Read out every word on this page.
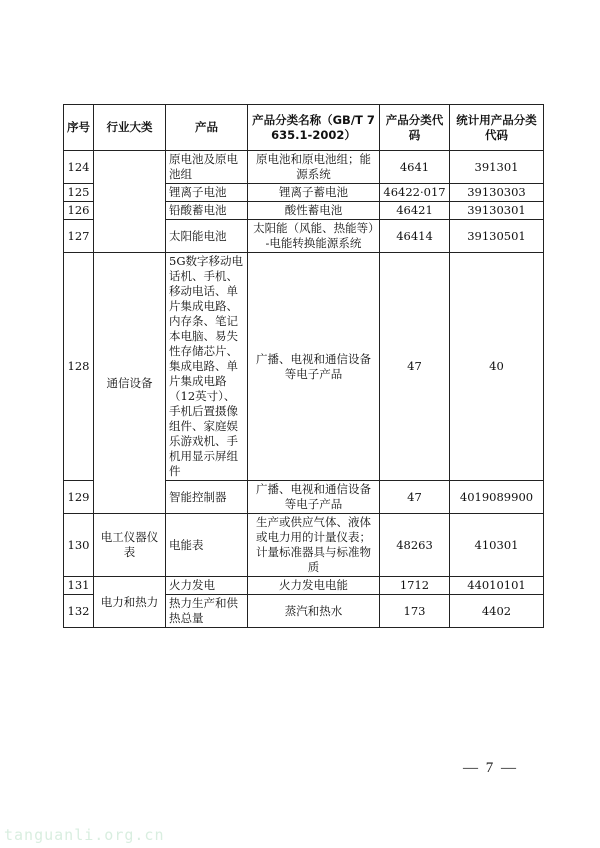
序号	行业大类	产品	产品分类名称（GB/T 7635.1-2002）	产品分类代码	统计用产品分类代码
124		原电池及原电池组	原电池和原电池组；能源系统	4641	391301
125		锂离子电池	锂离子蓄电池	46422·017	39130303
126		铅酸蓄电池	酸性蓄电池	46421	39130301
127		太阳能电池	太阳能（风能、热能等）-电能转换能源系统	46414	39130501
128	通信设备	5G数字移动电话机、手机、移动电话、单片集成电路、内存条、笔记本电脑、易失性存储芯片、集成电路、单片集成电路（12英寸）、手机后置摄像组件、家庭娱乐游戏机、手机用显示屏组件	广播、电视和通信设备等电子产品	47	40
129		智能控制器	广播、电视和通信设备等电子产品	47	4019089900
130	电工仪器仪表	电能表	生产或供应气体、液体或电力用的计量仪表；计量标准器具与标准物质	48263	410301
131	电力和热力	火力发电	火力发电电能	1712	44010101
132		热力生产和供热总量	蒸汽和热水	173	4402
— 7 —
tanguanli.org.cn
